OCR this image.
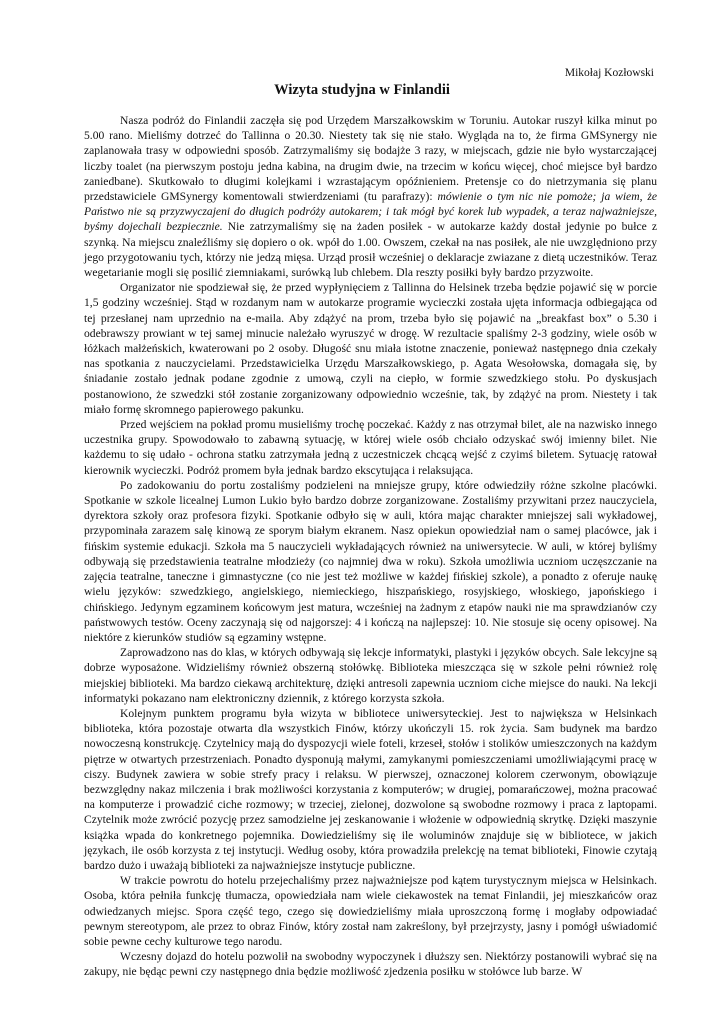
Mikołaj Kozłowski

Wizyta studyjna w Finlandii

Nasza podróż do Finlandii zaczęła się pod Urzędem Marszałkowskim w Toruniu. Autokar ruszył kilka minut po 5.00 rano. Mieliśmy dotrzeć do Tallinna o 20.30. Niestety tak się nie stało. Wygląda na to, że firma GMSynergy nie zaplanowała trasy w odpowiedni sposób. Zatrzymaliśmy się bodajże 3 razy, w miejscach, gdzie nie było wystarczającej liczby toalet (na pierwszym postoju jedna kabina, na drugim dwie, na trzecim w końcu więcej, choć miejsce był bardzo zaniedbane). Skutkowało to długimi kolejkami i wzrastającym opóźnieniem. Pretensje co do nietrzymania się planu przedstawiciele GMSynergy komentowali stwierdzeniami (tu parafrazy): mówienie o tym nic nie pomoże; ja wiem, że Państwo nie są przyzwyczajeni do długich podróży autokarem; i tak mógł być korek lub wypadek, a teraz najważniejsze, byśmy dojechali bezpiecznie. Nie zatrzymaliśmy się na żaden posiłek - w autokarze każdy dostał jedynie po bułce z szynką. Na miejscu znaleźliśmy się dopiero o ok. wpół do 1.00. Owszem, czekał na nas posiłek, ale nie uwzględniono przy jego przygotowaniu tych, którzy nie jedzą mięsa. Urząd prosił wcześniej o deklaracje zwiazane z dietą uczestników. Teraz wegetarianie mogli się posilić ziemniakami, surówką lub chlebem. Dla reszty posiłki były bardzo przyzwoite.

Organizator nie spodziewał się, że przed wypłynięciem z Tallinna do Helsinek trzeba będzie pojawić się w porcie 1,5 godziny wcześniej. Stąd w rozdanym nam w autokarze programie wycieczki została ujęta informacja odbiegająca od tej przesłanej nam uprzednio na e-maila. Aby zdążyć na prom, trzeba było się pojawić na „breakfast box” o 5.30 i odebrawszy prowiant w tej samej minucie należało wyruszyć w drogę. W rezultacie spaliśmy 2-3 godziny, wiele osób w łóżkach małżeńskich, kwaterowani po 2 osoby. Długość snu miała istotne znaczenie, ponieważ następnego dnia czekały nas spotkania z nauczycielami. Przedstawicielka Urzędu Marszałkowskiego, p. Agata Wesołowska, domagała się, by śniadanie zostało jednak podane zgodnie z umową, czyli na ciepło, w formie szwedzkiego stołu. Po dyskusjach postanowiono, że szwedzki stół zostanie zorganizowany odpowiednio wcześnie, tak, by zdążyć na prom. Niestety i tak miało formę skromnego papierowego pakunku.

Przed wejściem na pokład promu musieliśmy trochę poczekać. Każdy z nas otrzymał bilet, ale na nazwisko innego uczestnika grupy. Spowodowało to zabawną sytuację, w której wiele osób chciało odzyskać swój imienny bilet. Nie każdemu to się udało - ochrona statku zatrzymała jedną z uczestniczek chcącą wejść z czyimś biletem. Sytuację ratował kierownik wycieczki. Podróż promem była jednak bardzo ekscytująca i relaksująca.

Po zadokowaniu do portu zostaliśmy podzieleni na mniejsze grupy, które odwiedziły różne szkolne placówki. Spotkanie w szkole licealnej Lumon Lukio było bardzo dobrze zorganizowane. Zostaliśmy przywitani przez nauczyciela, dyrektora szkoły oraz profesora fizyki. Spotkanie odbyło się w auli, która mając charakter mniejszej sali wykładowej, przypominała zarazem salę kinową ze sporym białym ekranem. Nasz opiekun opowiedział nam o samej placówce, jak i fińskim systemie edukacji. Szkoła ma 5 nauczycieli wykładających również na uniwersytecie. W auli, w której byliśmy odbywają się przedstawienia teatralne młodzieży (co najmniej dwa w roku). Szkoła umożliwia uczniom uczęszczanie na zajęcia teatralne, taneczne i gimnastyczne (co nie jest też możliwe w każdej fińskiej szkole), a ponadto z oferuje naukę wielu języków: szwedzkiego, angielskiego, niemieckiego, hiszpańskiego, rosyjskiego, włoskiego, japońskiego i chińskiego. Jedynym egzaminem końcowym jest matura, wcześniej na żadnym z etapów nauki nie ma sprawdzianów czy państwowych testów. Oceny zaczynają się od najgorszej: 4 i kończą na najlepszej: 10. Nie stosuje się oceny opisowej. Na niektóre z kierunków studiów są egzaminy wstępne.

Zaprowadzono nas do klas, w których odbywają się lekcje informatyki, plastyki i języków obcych. Sale lekcyjne są dobrze wyposażone. Widzieliśmy również obszerną stołówkę. Biblioteka mieszcząca się w szkole pełni również rolę miejskiej biblioteki. Ma bardzo ciekawą architekturę, dzięki antresoli zapewnia uczniom ciche miejsce do nauki. Na lekcji informatyki pokazano nam elektroniczny dziennik, z którego korzysta szkoła.

Kolejnym punktem programu była wizyta w bibliotece uniwersyteckiej. Jest to największa w Helsinkach biblioteka, która pozostaje otwarta dla wszystkich Finów, którzy ukończyli 15. rok życia. Sam budynek ma bardzo nowoczesną konstrukcję. Czytelnicy mają do dyspozycji wiele foteli, krzeseł, stołów i stolików umieszczonych na każdym piętrze w otwartych przestrzeniach. Ponadto dysponują małymi, zamykanymi pomieszczeniami umożliwiającymi pracę w ciszy. Budynek zawiera w sobie strefy pracy i relaksu. W pierwszej, oznaczonej kolorem czerwonym, obowiązuje bezwzględny nakaz milczenia i brak możliwości korzystania z komputerów; w drugiej, pomarańczowej, można pracować na komputerze i prowadzić ciche rozmowy; w trzeciej, zielonej, dozwolone są swobodne rozmowy i praca z laptopami. Czytelnik może zwrócić pozycję przez samodzielne jej zeskanowanie i włożenie w odpowiednią skrytkę. Dzięki maszynie książka wpada do konkretnego pojemnika. Dowiedzieliśmy się ile woluminów znajduje się w bibliotece, w jakich językach, ile osób korzysta z tej instytucji. Według osoby, która prowadziła prelekcję na temat biblioteki, Finowie czytają bardzo dużo i uważają biblioteki za najważniejsze instytucje publiczne.

W trakcie powrotu do hotelu przejechaliśmy przez najważniejsze pod kątem turystycznym miejsca w Helsinkach. Osoba, która pełniła funkcję tłumacza, opowiedziała nam wiele ciekawostek na temat Finlandii, jej mieszkańców oraz odwiedzanych miejsc. Spora część tego, czego się dowiedzieliśmy miała uproszczoną formę i mogłaby odpowiadać pewnym stereotypom, ale przez to obraz Finów, który został nam zakreślony, był przejrzysty, jasny i pomógł uświadomić sobie pewne cechy kulturowe tego narodu.

Wczesny dojazd do hotelu pozwolił na swobodny wypoczynek i dłuższy sen. Niektórzy postanowili wybrać się na zakupy, nie będąc pewni czy następnego dnia będzie możliwość zjedzenia posiłku w stołówce lub barze. W
